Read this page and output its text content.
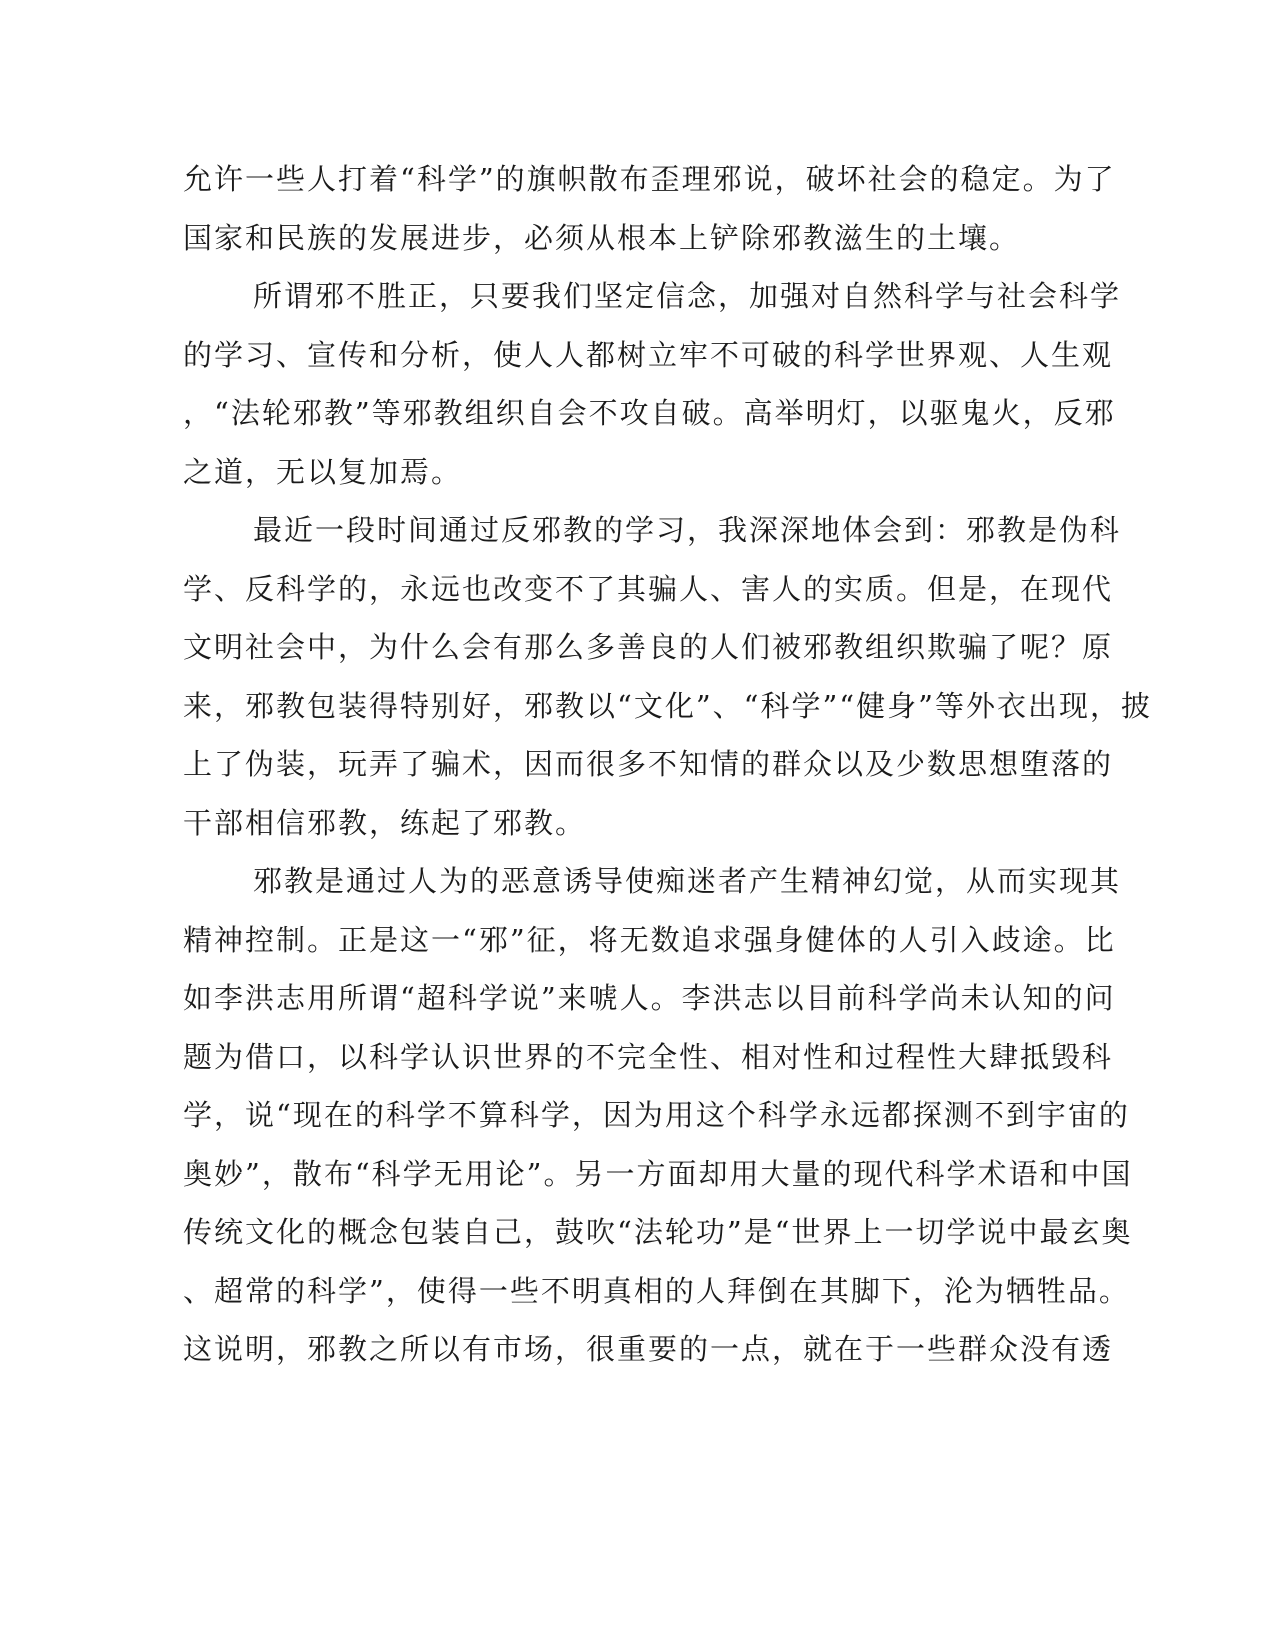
允许一些人打着“科学”的旗帜散布歪理邪说，破坏社会的稳定。为了
国家和民族的发展进步，必须从根本上铲除邪教滋生的土壤。
所谓邪不胜正，只要我们坚定信念，加强对自然科学与社会科学
的学习、宣传和分析，使人人都树立牢不可破的科学世界观、人生观
，“法轮邪教”等邪教组织自会不攻自破。高举明灯，以驱鬼火，反邪
之道，无以复加焉。
最近一段时间通过反邪教的学习，我深深地体会到：邪教是伪科
学、反科学的，永远也改变不了其骗人、害人的实质。但是，在现代
文明社会中，为什么会有那么多善良的人们被邪教组织欺骗了呢？原
来，邪教包装得特别好，邪教以“文化”、“科学”“健身”等外衣出现，披
上了伪装，玩弄了骗术，因而很多不知情的群众以及少数思想堕落的
干部相信邪教，练起了邪教。
邪教是通过人为的恶意诱导使痴迷者产生精神幻觉，从而实现其
精神控制。正是这一“邪”征，将无数追求强身健体的人引入歧途。比
如李洪志用所谓“超科学说”来唬人。李洪志以目前科学尚未认知的问
题为借口，以科学认识世界的不完全性、相对性和过程性大肆抵毁科
学，说“现在的科学不算科学，因为用这个科学永远都探测不到宇宙的
奥妙”，散布“科学无用论”。另一方面却用大量的现代科学术语和中国
传统文化的概念包装自己，鼓吹“法轮功”是“世界上一切学说中最玄奥
、超常的科学”，使得一些不明真相的人拜倒在其脚下，沦为牺牲品。
这说明，邪教之所以有市场，很重要的一点，就在于一些群众没有透
